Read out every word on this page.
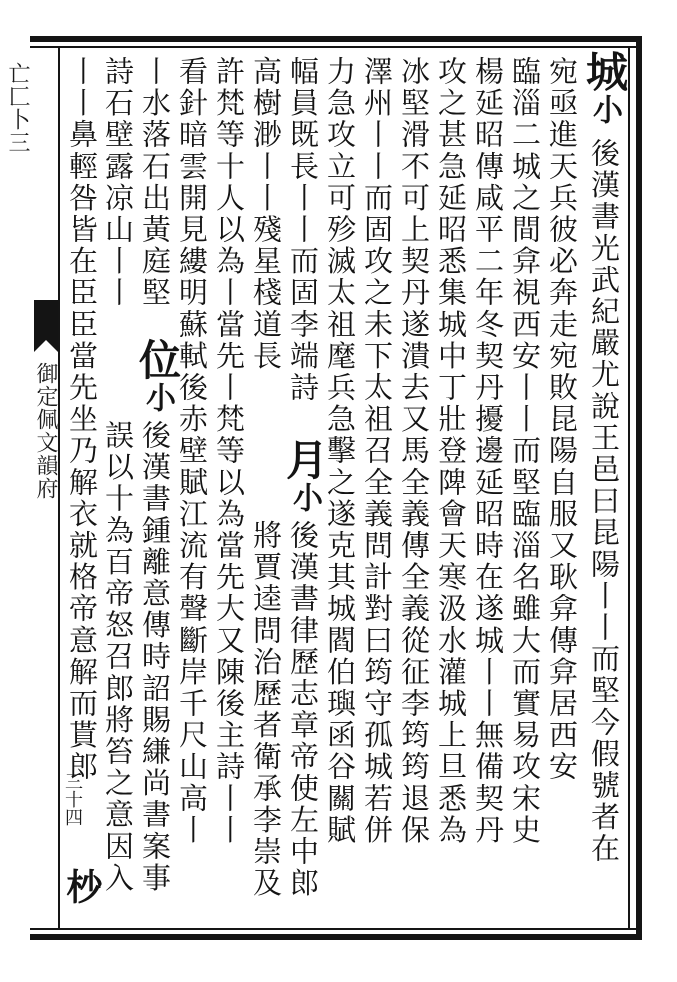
亡匚卜三
御定佩文韻府
三十四
城小
後漢書光武紀嚴尤說王邑曰昆陽丨丨而堅今假號者在
宛亟進天兵彼必奔走宛敗昆陽自服又耿弇傳弇居西安
臨淄二城之間弇視西安丨丨而堅臨淄名雖大而實易攻宋史
楊延昭傳咸平二年冬契丹擾邊延昭時在遂城丨丨無備契丹
攻之甚急延昭悉集城中丁壯登陴會天寒汲水灌城上旦悉為
冰堅滑不可上契丹遂潰去又馬全義傳全義從征李筠筠退保
澤州丨丨而固攻之未下太祖召全義問計對曰筠守孤城若併
力急攻立可殄滅太祖麾兵急擊之遂克其城閻伯璵函谷關賦
幅員既長丨丨而固李端詩
月小
高樹渺丨丨殘星棧道長
後漢書律歷志章帝使左中郎
將賈逵問治歷者衛承李崇及
許梵等十人以為丨當先丨梵等以為當先大又陳後主詩丨丨
看針暗雲開見縷明蘇軾後赤壁賦江流有聲斷岸千尺山高丨
丨水落石出黃庭堅
位小
後漢書鍾離意傳時詔賜縑尚書案事
詩石壁露凉山丨丨
誤以十為百帝怒召郎將笞之意因入
丨丨鼻輕咎皆在臣臣當先坐乃解衣就格帝意解而貰郎
杪
